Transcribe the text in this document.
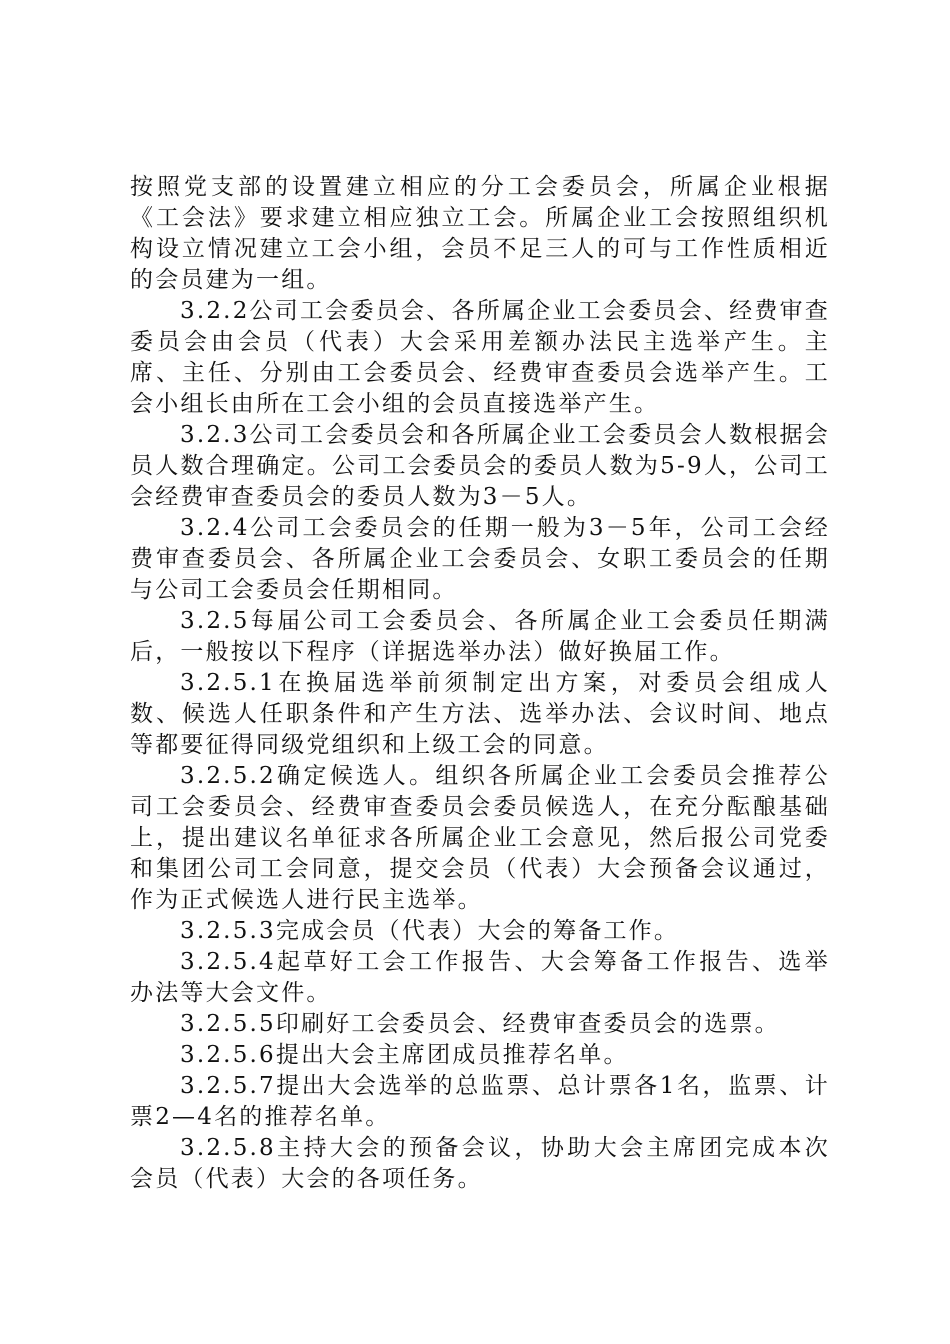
按照党支部的设置建立相应的分工会委员会，所属企业根据《工会法》要求建立相应独立工会。所属企业工会按照组织机构设立情况建立工会小组，会员不足三人的可与工作性质相近的会员建为一组。

3.2.2公司工会委员会、各所属企业工会委员会、经费审查委员会由会员（代表）大会采用差额办法民主选举产生。主席、主任、分别由工会委员会、经费审查委员会选举产生。工会小组长由所在工会小组的会员直接选举产生。

3.2.3公司工会委员会和各所属企业工会委员会人数根据会员人数合理确定。公司工会委员会的委员人数为5-9人，公司工会经费审查委员会的委员人数为3－5人。

3.2.4公司工会委员会的任期一般为3－5年，公司工会经费审查委员会、各所属企业工会委员会、女职工委员会的任期与公司工会委员会任期相同。

3.2.5每届公司工会委员会、各所属企业工会委员任期满后，一般按以下程序（详据选举办法）做好换届工作。

3.2.5.1在换届选举前须制定出方案，对委员会组成人数、候选人任职条件和产生方法、选举办法、会议时间、地点等都要征得同级党组织和上级工会的同意。

3.2.5.2确定候选人。组织各所属企业工会委员会推荐公司工会委员会、经费审查委员会委员候选人，在充分酝酿基础上，提出建议名单征求各所属企业工会意见，然后报公司党委和集团公司工会同意，提交会员（代表）大会预备会议通过，作为正式候选人进行民主选举。

3.2.5.3完成会员（代表）大会的筹备工作。

3.2.5.4起草好工会工作报告、大会筹备工作报告、选举办法等大会文件。

3.2.5.5印刷好工会委员会、经费审查委员会的选票。

3.2.5.6提出大会主席团成员推荐名单。

3.2.5.7提出大会选举的总监票、总计票各1名，监票、计票2—4名的推荐名单。

3.2.5.8主持大会的预备会议，协助大会主席团完成本次会员（代表）大会的各项任务。
